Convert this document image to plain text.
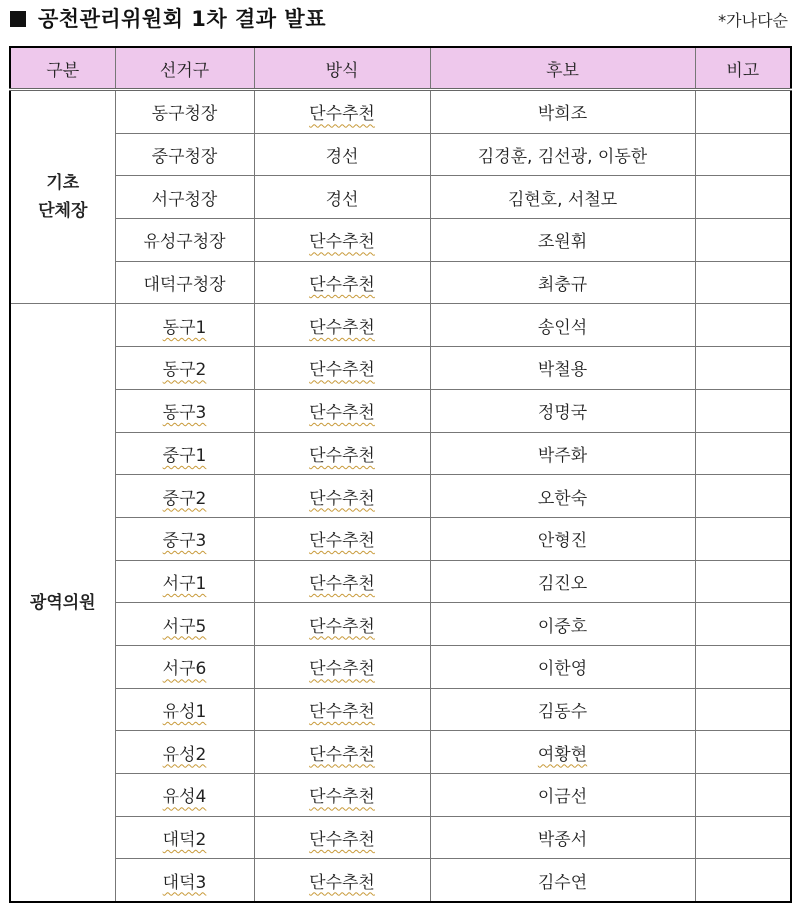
공천관리위원회 1차 결과 발표	*가나다순
구분	선거구	방식	후보	비고

기초
단체장	동구청장	단수추천	박희조	
	중구청장	경선	김경훈, 김선광, 이동한	
	서구청장	경선	김현호, 서철모	
	유성구청장	단수추천	조원휘	
	대덕구청장	단수추천	최충규	

광역의원	동구1	단수추천	송인석	
	동구2	단수추천	박철용	
	동구3	단수추천	정명국	
	중구1	단수추천	박주화	
	중구2	단수추천	오한숙	
	중구3	단수추천	안형진	
	서구1	단수추천	김진오	
	서구5	단수추천	이중호	
	서구6	단수추천	이한영	
	유성1	단수추천	김동수	
	유성2	단수추천	여황현	
	유성4	단수추천	이금선	
	대덕2	단수추천	박종서	
	대덕3	단수추천	김수연	
